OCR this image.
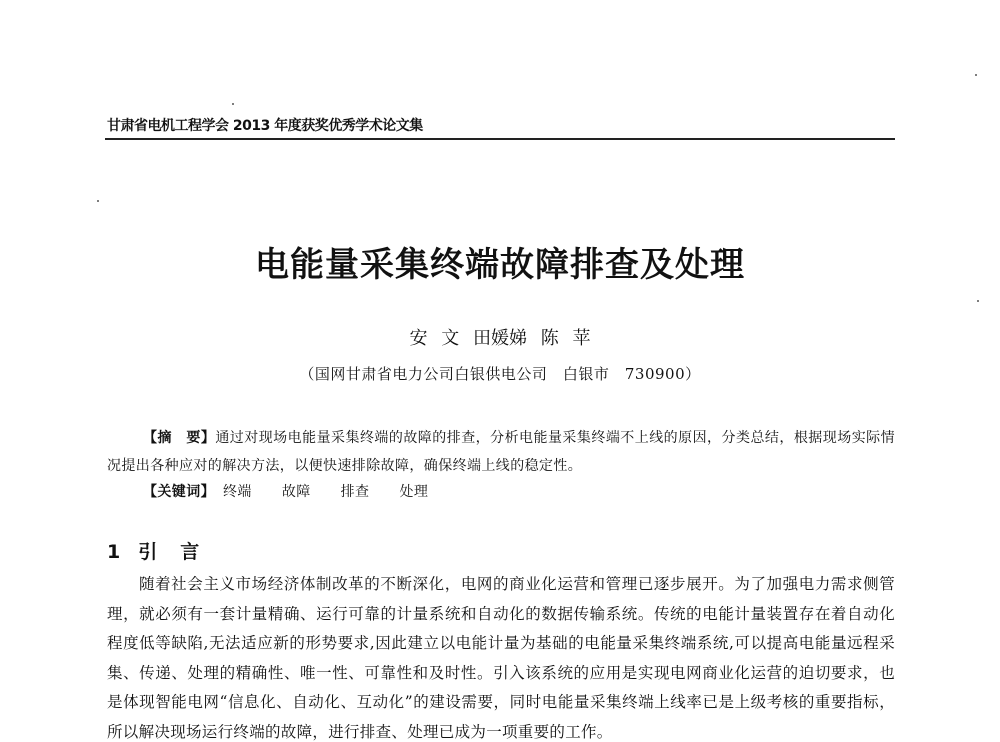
甘肃省电机工程学会 2013 年度获奖优秀学术论文集
电能量采集终端故障排查及处理
安 文 田媛娣 陈 苹
（国网甘肃省电力公司白银供电公司　白银市　730900）
【摘　要】通过对现场电能量采集终端的故障的排查，分析电能量采集终端不上线的原因，分类总结，根据现场实际情况提出各种应对的解决方法，以便快速排除故障，确保终端上线的稳定性。
【关键词】 终端 故障 排查 处理
1 引　言
随着社会主义市场经济体制改革的不断深化，电网的商业化运营和管理已逐步展开。为了加强电力需求侧管理，就必须有一套计量精确、运行可靠的计量系统和自动化的数据传输系统。传统的电能计量装置存在着自动化程度低等缺陷,无法适应新的形势要求,因此建立以电能计量为基础的电能量采集终端系统,可以提高电能量远程采集、传递、处理的精确性、唯一性、可靠性和及时性。引入该系统的应用是实现电网商业化运营的迫切要求，也是体现智能电网“信息化、自动化、互动化”的建设需要，同时电能量采集终端上线率已是上级考核的重要指标，所以解决现场运行终端的故障，进行排查、处理已成为一项重要的工作。
